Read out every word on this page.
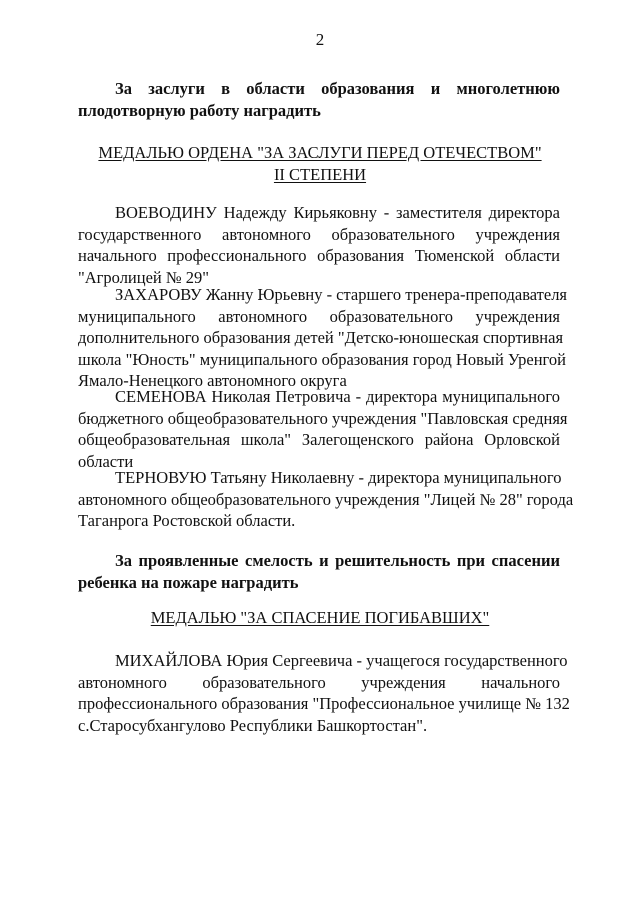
2
За заслуги в области образования и многолетнюю
плодотворную работу наградить
МЕДАЛЬЮ ОРДЕНА "ЗА ЗАСЛУГИ ПЕРЕД ОТЕЧЕСТВОМ"
II СТЕПЕНИ
ВОЕВОДИНУ Надежду Кирьяковну - заместителя директора
государственного автономного образовательного учреждения
начального профессионального образования Тюменской области
"Агролицей № 29"
ЗАХАРОВУ Жанну Юрьевну - старшего тренера-преподавателя
муниципального автономного образовательного учреждения
дополнительного образования детей "Детско-юношеская спортивная
школа "Юность" муниципального образования город Новый Уренгой
Ямало-Ненецкого автономного округа
СЕМЕНОВА Николая Петровича - директора муниципального
бюджетного общеобразовательного учреждения "Павловская средняя
общеобразовательная школа" Залегощенского района Орловской
области
ТЕРНОВУЮ Татьяну Николаевну - директора муниципального
автономного общеобразовательного учреждения "Лицей № 28" города
Таганрога Ростовской области.
За проявленные смелость и решительность при спасении
ребенка на пожаре наградить
МЕДАЛЬЮ "ЗА СПАСЕНИЕ ПОГИБАВШИХ"
МИХАЙЛОВА Юрия Сергеевича - учащегося государственного
автономного образовательного учреждения начального
профессионального образования "Профессиональное училище № 132
с.Старосубхангулово Республики Башкортостан".
